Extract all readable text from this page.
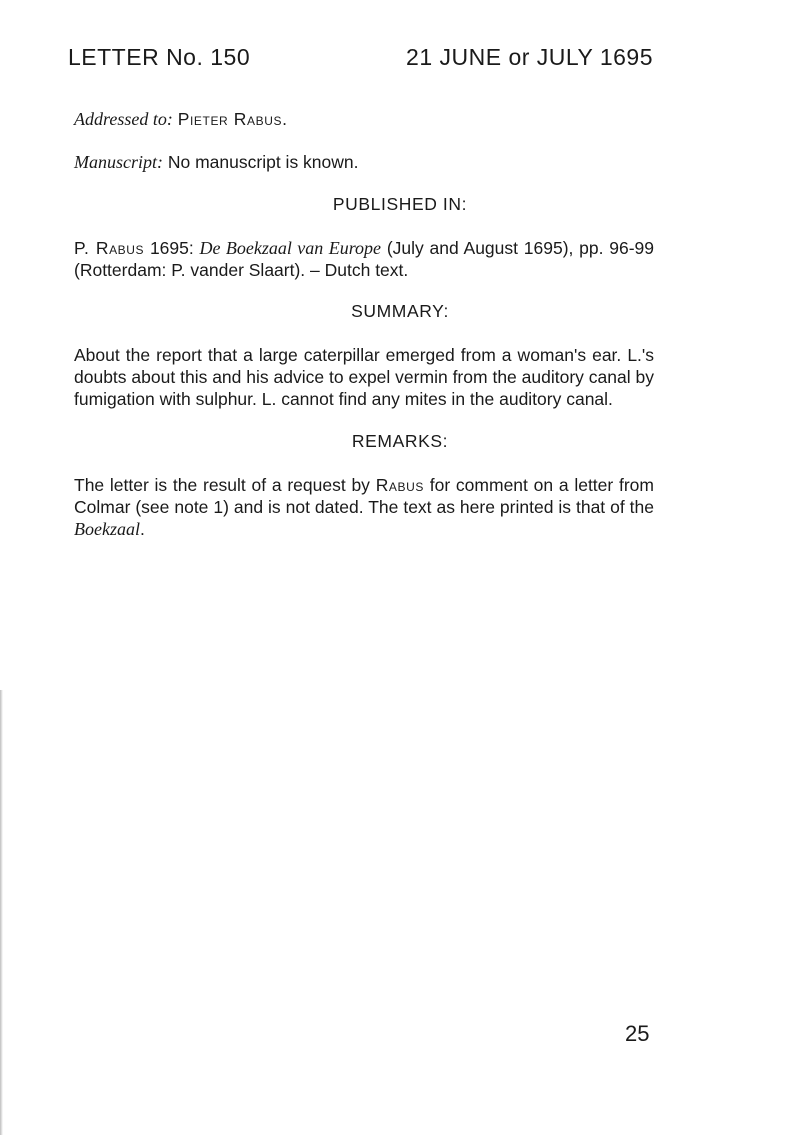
LETTER No. 150	21 JUNE or JULY 1695
Addressed to: Pieter Rabus.
Manuscript: No manuscript is known.
PUBLISHED IN:
P. Rabus 1695: De Boekzaal van Europe (July and August 1695), pp. 96-99 (Rotterdam: P. vander Slaart). – Dutch text.
SUMMARY:
About the report that a large caterpillar emerged from a woman's ear. L.'s doubts about this and his advice to expel vermin from the auditory canal by fumigation with sulphur. L. cannot find any mites in the auditory canal.
REMARKS:
The letter is the result of a request by Rabus for comment on a letter from Colmar (see note 1) and is not dated. The text as here printed is that of the Boekzaal.
25
